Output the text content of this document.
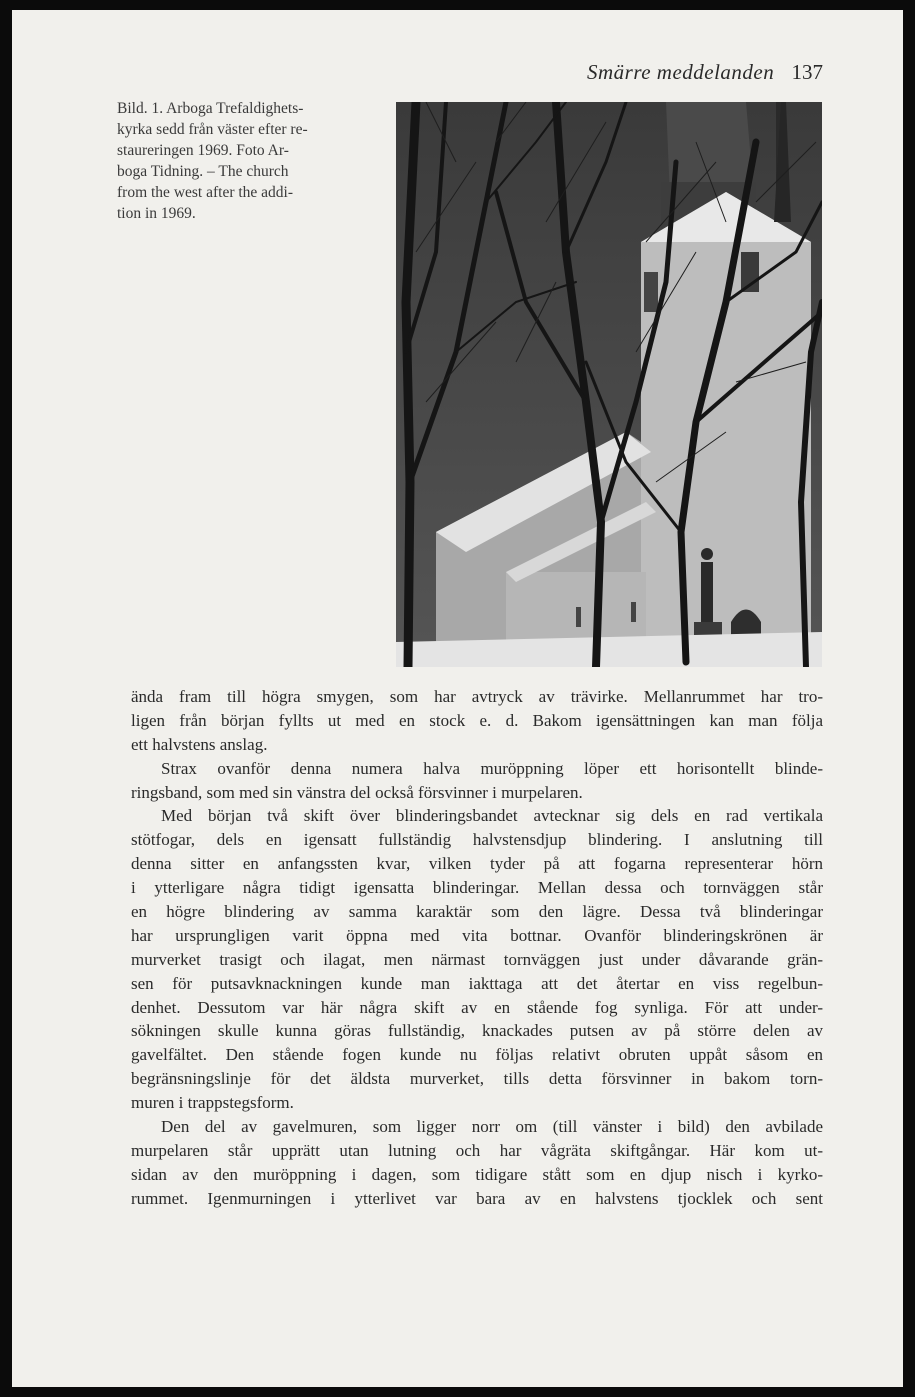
Smärre meddelanden 137
Bild. 1. Arboga Trefaldighets-
kyrka sedd från väster efter re-
staureringen 1969. Foto Ar-
boga Tidning. – The church
from the west after the addi-
tion in 1969.
ända fram till högra smygen, som har avtryck av trävirke. Mellanrummet har tro-
ligen från början fyllts ut med en stock e. d. Bakom igensättningen kan man följa
ett halvstens anslag.
Strax ovanför denna numera halva muröppning löper ett horisontellt blinde-
ringsband, som med sin vänstra del också försvinner i murpelaren.
Med början två skift över blinderingsbandet avtecknar sig dels en rad vertikala
stötfogar, dels en igensatt fullständig halvstensdjup blindering. I anslutning till
denna sitter en anfangssten kvar, vilken tyder på att fogarna representerar hörn
i ytterligare några tidigt igensatta blinderingar. Mellan dessa och tornväggen står
en högre blindering av samma karaktär som den lägre. Dessa två blinderingar
har ursprungligen varit öppna med vita bottnar. Ovanför blinderingskrönen är
murverket trasigt och ilagat, men närmast tornväggen just under dåvarande grän-
sen för putsavknackningen kunde man iakttaga att det återtar en viss regelbun-
denhet. Dessutom var här några skift av en stående fog synliga. För att under-
sökningen skulle kunna göras fullständig, knackades putsen av på större delen av
gavelfältet. Den stående fogen kunde nu följas relativt obruten uppåt såsom en
begränsningslinje för det äldsta murverket, tills detta försvinner in bakom torn-
muren i trappstegsform.
Den del av gavelmuren, som ligger norr om (till vänster i bild) den avbilade
murpelaren står upprätt utan lutning och har vågräta skiftgångar. Här kom ut-
sidan av den muröppning i dagen, som tidigare stått som en djup nisch i kyrko-
rummet. Igenmurningen i ytterlivet var bara av en halvstens tjocklek och sent
